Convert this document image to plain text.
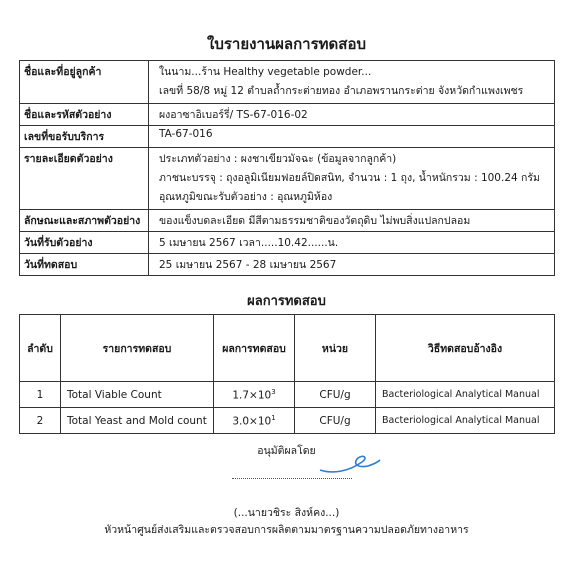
ใบรายงานผลการทดสอบ
ชื่อและที่อยู่ลูกค้า	ในนาม...ร้าน Healthy vegetable powder...
เลขที่ 58/8 หมู่ 12 ตำบลถ้ำกระต่ายทอง อำเภอพรานกระต่าย จังหวัดกำแพงเพชร

ชื่อและรหัสตัวอย่าง	ผงอาซาอิเบอร์รี่/ TS-67-016-02
เลขที่ขอรับบริการ	TA-67-016
รายละเอียดตัวอย่าง	ประเภทตัวอย่าง : ผงชาเขียวมัจฉะ (ข้อมูลจากลูกค้า)
ภาชนะบรรจุ : ถุงอลูมิเนียมฟอยล์ปิดสนิท, จำนวน : 1 ถุง, น้ำหนักรวม : 100.24 กรัม
อุณหภูมิขณะรับตัวอย่าง : อุณหภูมิห้อง

ลักษณะและสภาพตัวอย่าง	ของแข็งบดละเอียด มีสีตามธรรมชาติของวัตถุดิบ ไม่พบสิ่งแปลกปลอม
วันที่รับตัวอย่าง	5 เมษายน 2567 เวลา.....10.42......น.
วันที่ทดสอบ	25 เมษายน 2567 - 28 เมษายน 2567
ผลการทดสอบ
ลำดับ	รายการทดสอบ	ผลการทดสอบ	หน่วย	วิธีทดสอบอ้างอิง
1	Total Viable Count	$1.7\times 10^3$	CFU/g	Bacteriological Analytical Manual
2	Total Yeast and Mold count	$3.0\times 10^1$	CFU/g	Bacteriological Analytical Manual
อนุมัติผลโดย
(...นายวชิระ สิงห์คง...)
หัวหน้าศูนย์ส่งเสริมและตรวจสอบการผลิตตามมาตรฐานความปลอดภัยทางอาหาร
